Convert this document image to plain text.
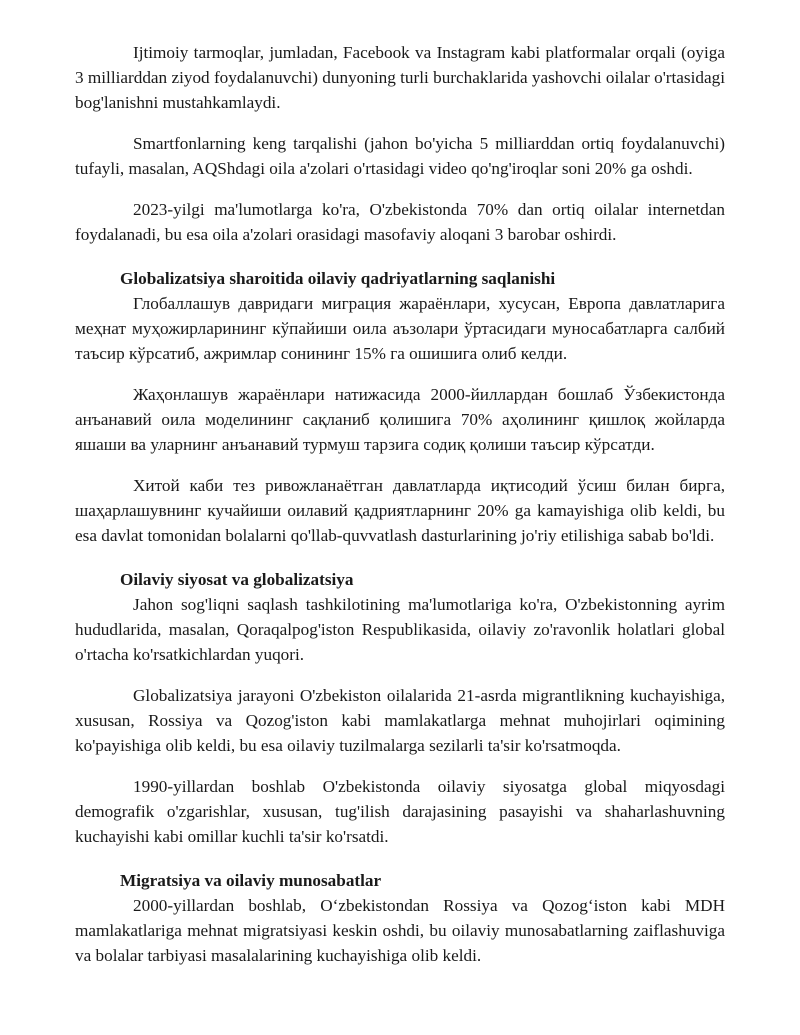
Ijtimoiy tarmoqlar, jumladan, Facebook va Instagram kabi platformalar orqali (oyiga 3 milliarddan ziyod foydalanuvchi) dunyoning turli burchaklarida yashovchi oilalar o'rtasidagi bog'lanishni mustahkamlaydi.

Smartfonlarning keng tarqalishi (jahon bo'yicha 5 milliarddan ortiq foydalanuvchi) tufayli, masalan, AQShdagi oila a'zolari o'rtasidagi video qo'ng'iroqlar soni 20% ga oshdi.

2023-yilgi ma'lumotlarga ko'ra, O'zbekistonda 70% dan ortiq oilalar internetdan foydalanadi, bu esa oila a'zolari orasidagi masofaviy aloqani 3 barobar oshirdi.

Globalizatsiya sharoitida oilaviy qadriyatlarning saqlanishi

Глобаллашув давридаги миграция жараёнлари, хусусан, Европа давлатларига меҳнат муҳожирларининг кўпайиши оила аъзолари ўртасидаги муносабатларга салбий таъсир кўрсатиб, ажримлар сонининг 15% га ошишига олиб келди.

Жаҳонлашув жараёнлари натижасида 2000-йиллардан бошлаб Ўзбекистонда анъанавий оила моделининг сақланиб қолишига 70% аҳолининг қишлоқ жойларда яшаши ва уларнинг анъанавий турмуш тарзига содиқ қолиши таъсир кўрсатди.

Хитой каби тез ривожланаётган давлатларда иқтисодий ўсиш билан бирга, шаҳарлашувнинг кучайиши оилавий қадриятларнинг 20% ga kamayishiga olib keldi, bu esa davlat tomonidan bolalarni qo'llab-quvvatlash dasturlarining jo'riy etilishiga sabab bo'ldi.

Oilaviy siyosat va globalizatsiya

Jahon sog'liqni saqlash tashkilotining ma'lumotlariga ko'ra, O'zbekistonning ayrim hududlarida, masalan, Qoraqalpog'iston Respublikasida, oilaviy zo'ravonlik holatlari global o'rtacha ko'rsatkichlardan yuqori.

Globalizatsiya jarayoni O'zbekiston oilalarida 21-asrda migrantlikning kuchayishiga, xususan, Rossiya va Qozog'iston kabi mamlakatlarga mehnat muhojirlari oqimining ko'payishiga olib keldi, bu esa oilaviy tuzilmalarga sezilarli ta'sir ko'rsatmoqda.

1990-yillardan boshlab O'zbekistonda oilaviy siyosatga global miqyosdagi demografik o'zgarishlar, xususan, tug'ilish darajasining pasayishi va shaharlashuvning kuchayishi kabi omillar kuchli ta'sir ko'rsatdi.

Migratsiya va oilaviy munosabatlar

2000-yillardan boshlab, O‘zbekistondan Rossiya va Qozog‘iston kabi MDH mamlakatlariga mehnat migratsiyasi keskin oshdi, bu oilaviy munosabatlarning zaiflashuviga va bolalar tarbiyasi masalalarining kuchayishiga olib keldi.
